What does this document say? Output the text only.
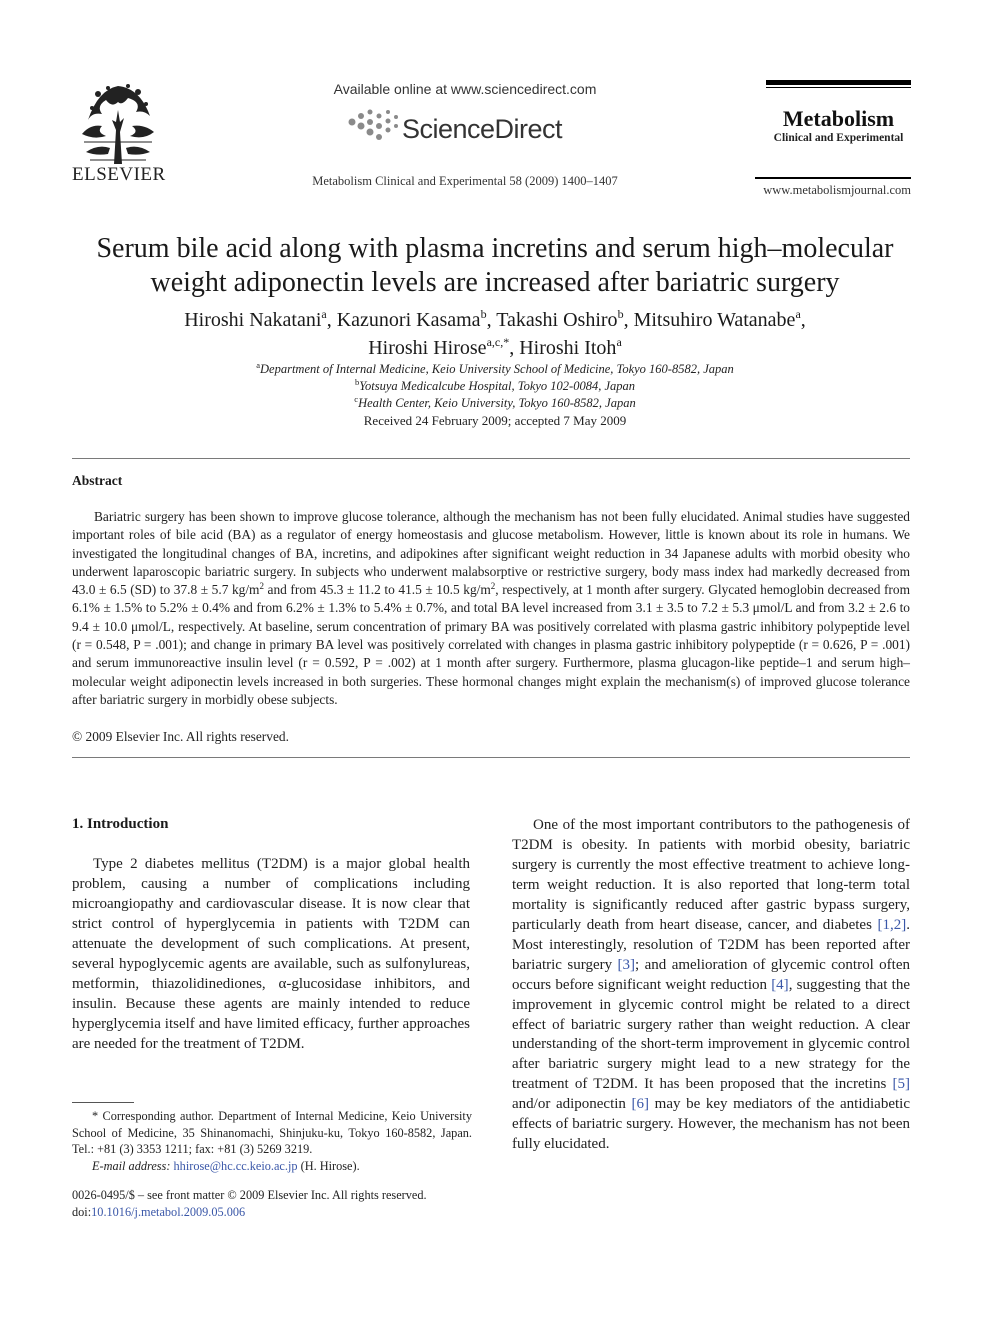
ELSEVIER
Available online at www.sciencedirect.com
ScienceDirect
Metabolism Clinical and Experimental 58 (2009) 1400–1407
Metabolism
Clinical and Experimental
www.metabolismjournal.com
Serum bile acid along with plasma incretins and serum high–molecular weight adiponectin levels are increased after bariatric surgery
Hiroshi Nakatani$^a$, Kazunori Kasama$^b$, Takashi Oshiro$^b$, Mitsuhiro Watanabe$^a$,
Hiroshi Hirose$^{a,c,*}$, Hiroshi Itoh$^a$
$^a$Department of Internal Medicine, Keio University School of Medicine, Tokyo 160-8582, Japan
$^b$Yotsuya Medicalcube Hospital, Tokyo 102-0084, Japan
$^c$Health Center, Keio University, Tokyo 160-8582, Japan
Received 24 February 2009; accepted 7 May 2009
Abstract
Bariatric surgery has been shown to improve glucose tolerance, although the mechanism has not been fully elucidated. Animal studies have suggested important roles of bile acid (BA) as a regulator of energy homeostasis and glucose metabolism. However, little is known about its role in humans. We investigated the longitudinal changes of BA, incretins, and adipokines after significant weight reduction in 34 Japanese adults with morbid obesity who underwent laparoscopic bariatric surgery. In subjects who underwent malabsorptive or restrictive surgery, body mass index had markedly decreased from 43.0 ± 6.5 (SD) to 37.8 ± 5.7 $kg/m^2$ and from 45.3 ± 11.2 to 41.5 ± 10.5 $kg/m^2$, respectively, at 1 month after surgery. Glycated hemoglobin decreased from 6.1% ± 1.5% to 5.2% ± 0.4% and from 6.2% ± 1.3% to 5.4% ± 0.7%, and total BA level increased from 3.1 ± 3.5 to 7.2 ± 5.3 μmol/L and from 3.2 ± 2.6 to 9.4 ± 10.0 μmol/L, respectively. At baseline, serum concentration of primary BA was positively correlated with plasma gastric inhibitory polypeptide level (r = 0.548, P = .001); and change in primary BA level was positively correlated with changes in plasma gastric inhibitory polypeptide (r = 0.626, P = .001) and serum immunoreactive insulin level (r = 0.592, P = .002) at 1 month after surgery. Furthermore, plasma glucagon-like peptide–1 and serum high–molecular weight adiponectin levels increased in both surgeries. These hormonal changes might explain the mechanism(s) of improved glucose tolerance after bariatric surgery in morbidly obese subjects.
© 2009 Elsevier Inc. All rights reserved.
1. Introduction
Type 2 diabetes mellitus (T2DM) is a major global health problem, causing a number of complications including microangiopathy and cardiovascular disease. It is now clear that strict control of hyperglycemia in patients with T2DM can attenuate the development of such complications. At present, several hypoglycemic agents are available, such as sulfonylureas, metformin, thiazolidinediones, α-glucosidase inhibitors, and insulin. Because these agents are mainly intended to reduce hyperglycemia itself and have limited efficacy, further approaches are needed for the treatment of T2DM.
One of the most important contributors to the pathogenesis of T2DM is obesity. In patients with morbid obesity, bariatric surgery is currently the most effective treatment to achieve long-term weight reduction. It is also reported that long-term total mortality is significantly reduced after gastric bypass surgery, particularly death from heart disease, cancer, and diabetes [1,2]. Most interestingly, resolution of T2DM has been reported after bariatric surgery [3]; and amelioration of glycemic control often occurs before significant weight reduction [4], suggesting that the improvement in glycemic control might be related to a direct effect of bariatric surgery rather than weight reduction. A clear understanding of the short-term improvement in glycemic control after bariatric surgery might lead to a new strategy for the treatment of T2DM. It has been proposed that the incretins [5] and/or adiponectin [6] may be key mediators of the antidiabetic effects of bariatric surgery. However, the mechanism has not been fully elucidated.
* Corresponding author. Department of Internal Medicine, Keio University School of Medicine, 35 Shinanomachi, Shinjuku-ku, Tokyo 160-8582, Japan. Tel.: +81 (3) 3353 1211; fax: +81 (3) 5269 3219.
E-mail address: hhirose@hc.cc.keio.ac.jp (H. Hirose).
0026-0495/$ – see front matter © 2009 Elsevier Inc. All rights reserved.
doi:10.1016/j.metabol.2009.05.006
